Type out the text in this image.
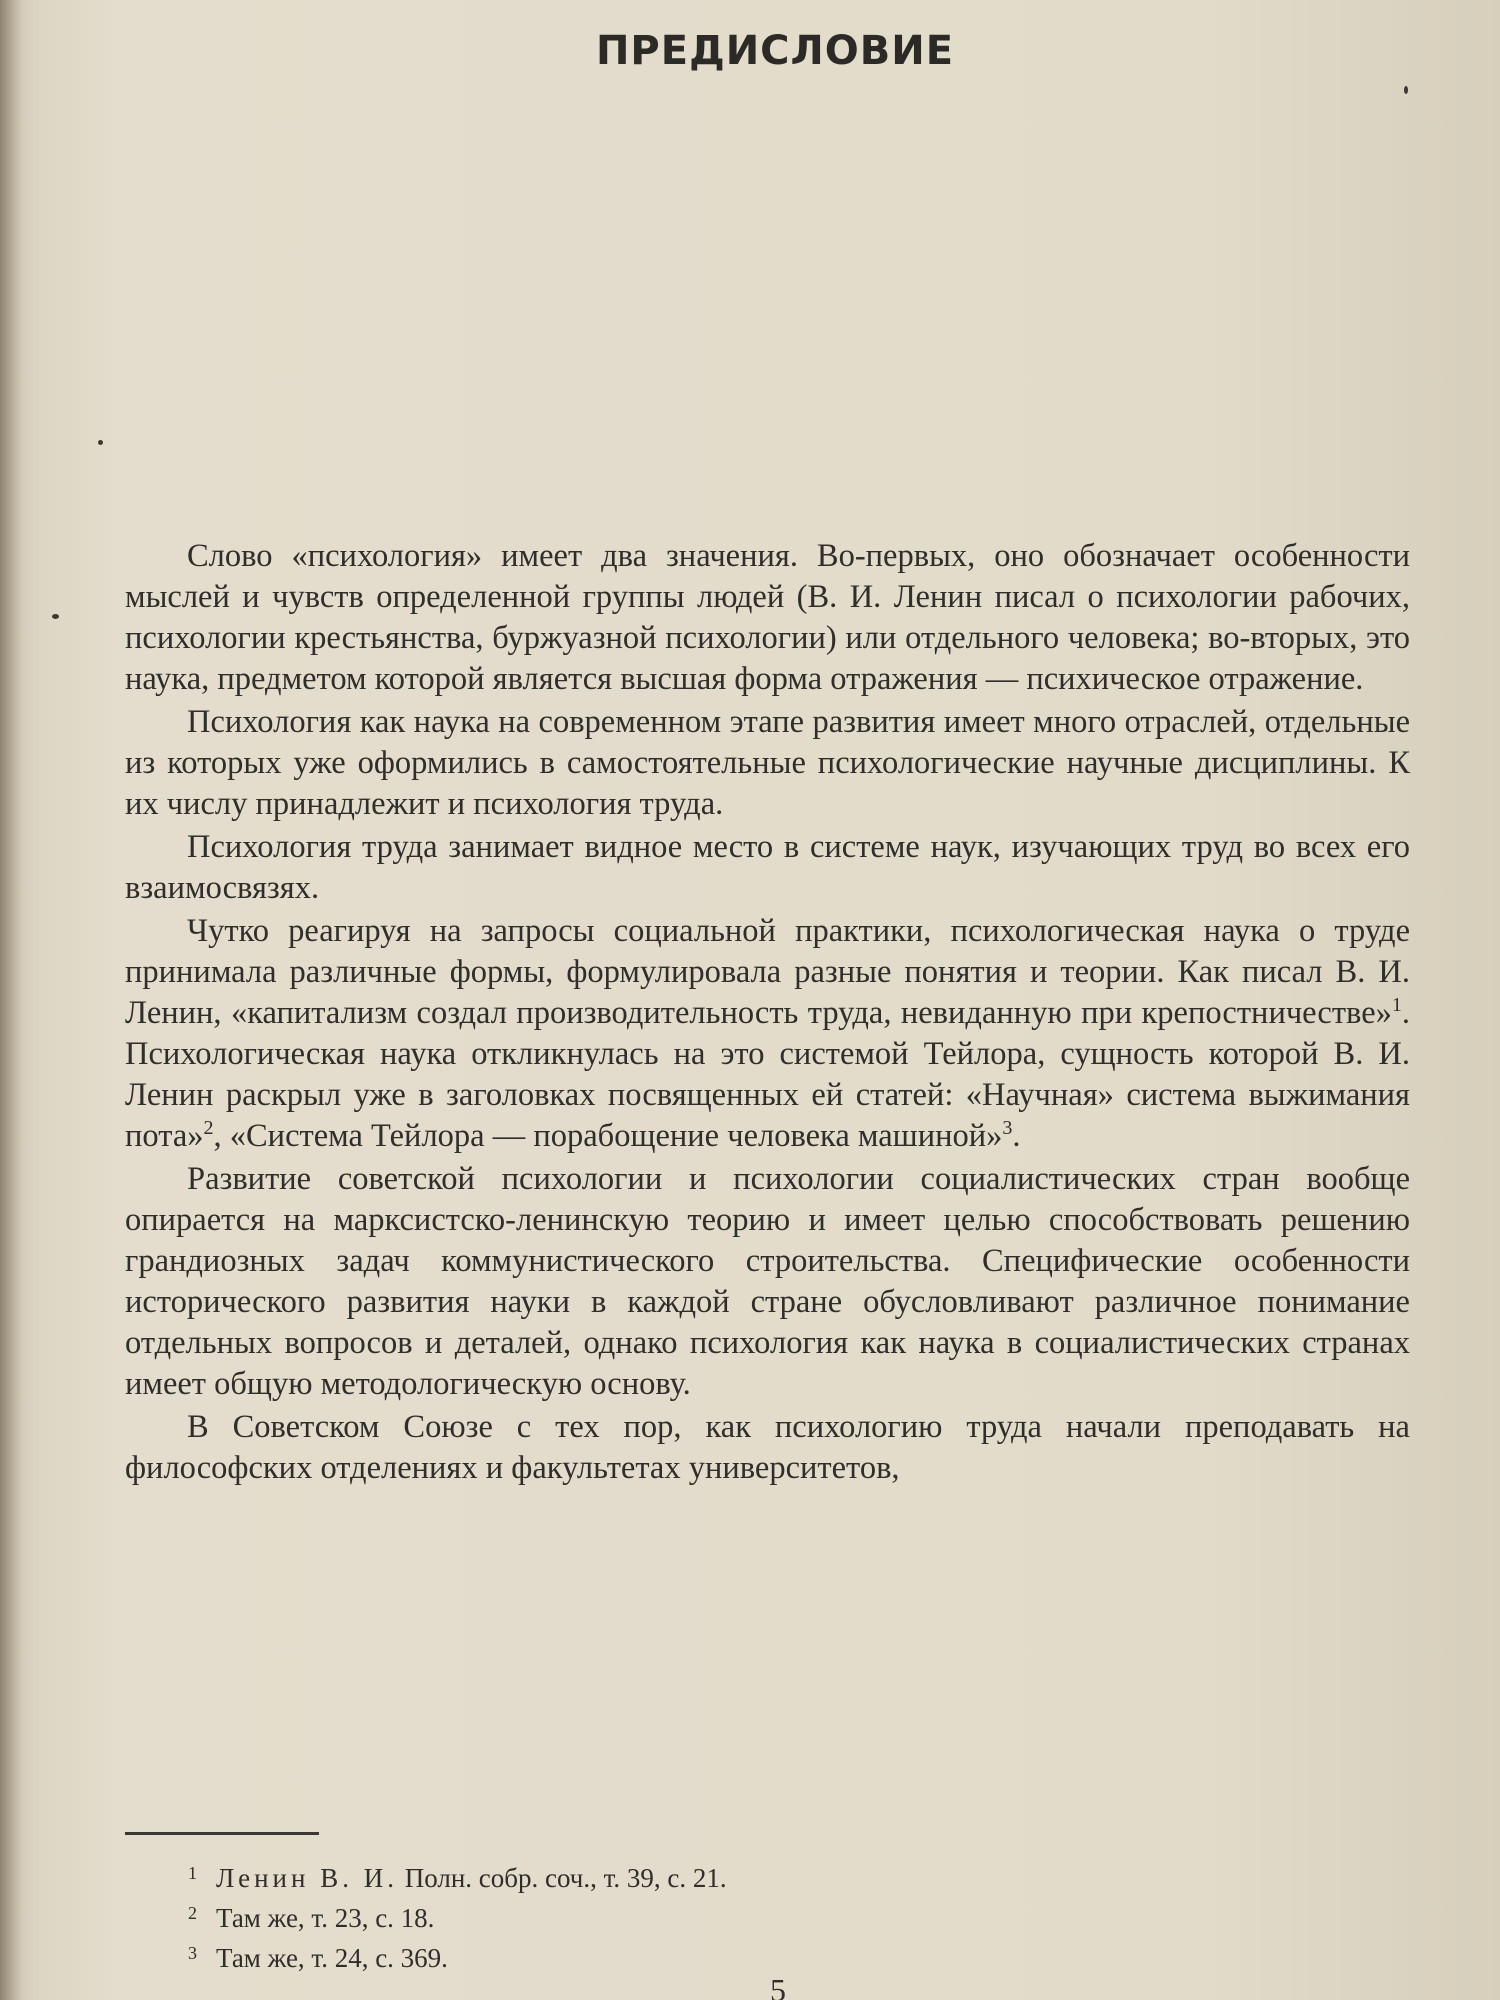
ПРЕДИСЛОВИЕ

Слово «психология» имеет два значения. Во-первых, оно обозначает особенности мыслей и чувств определенной группы людей (В. И. Ленин писал о психологии рабочих, психологии крестьянства, буржуазной психологии) или отдельного человека; во-вторых, это наука, предметом которой является высшая форма отражения — психическое отражение.

Психология как наука на современном этапе развития имеет много отраслей, отдельные из которых уже оформились в самостоятельные психологические научные дисциплины. К их числу принадлежит и психология труда.

Психология труда занимает видное место в системе наук, изучающих труд во всех его взаимосвязях.

Чутко реагируя на запросы социальной практики, психологическая наука о труде принимала различные формы, формулировала разные понятия и теории. Как писал В. И. Ленин, «капитализм создал производительность труда, невиданную при крепостничестве»$^1$. Психологическая наука откликнулась на это системой Тейлора, сущность которой В. И. Ленин раскрыл уже в заголовках посвященных ей статей: «Научная» система выжимания пота»$^2$, «Система Тейлора — порабощение человека машиной»$^3$.

Развитие советской психологии и психологии социалистических стран вообще опирается на марксистско-ленинскую теорию и имеет целью способствовать решению грандиозных задач коммунистического строительства. Специфические особенности исторического развития науки в каждой стране обусловливают различное понимание отдельных вопросов и деталей, однако психология как наука в социалистических странах имеет общую методологическую основу.

В Советском Союзе с тех пор, как психологию труда начали преподавать на философских отделениях и факультетах университетов,

1 Ленин В. И. Полн. собр. соч., т. 39, с. 21.
2 Там же, т. 23, с. 18.
3 Там же, т. 24, с. 369.
5
